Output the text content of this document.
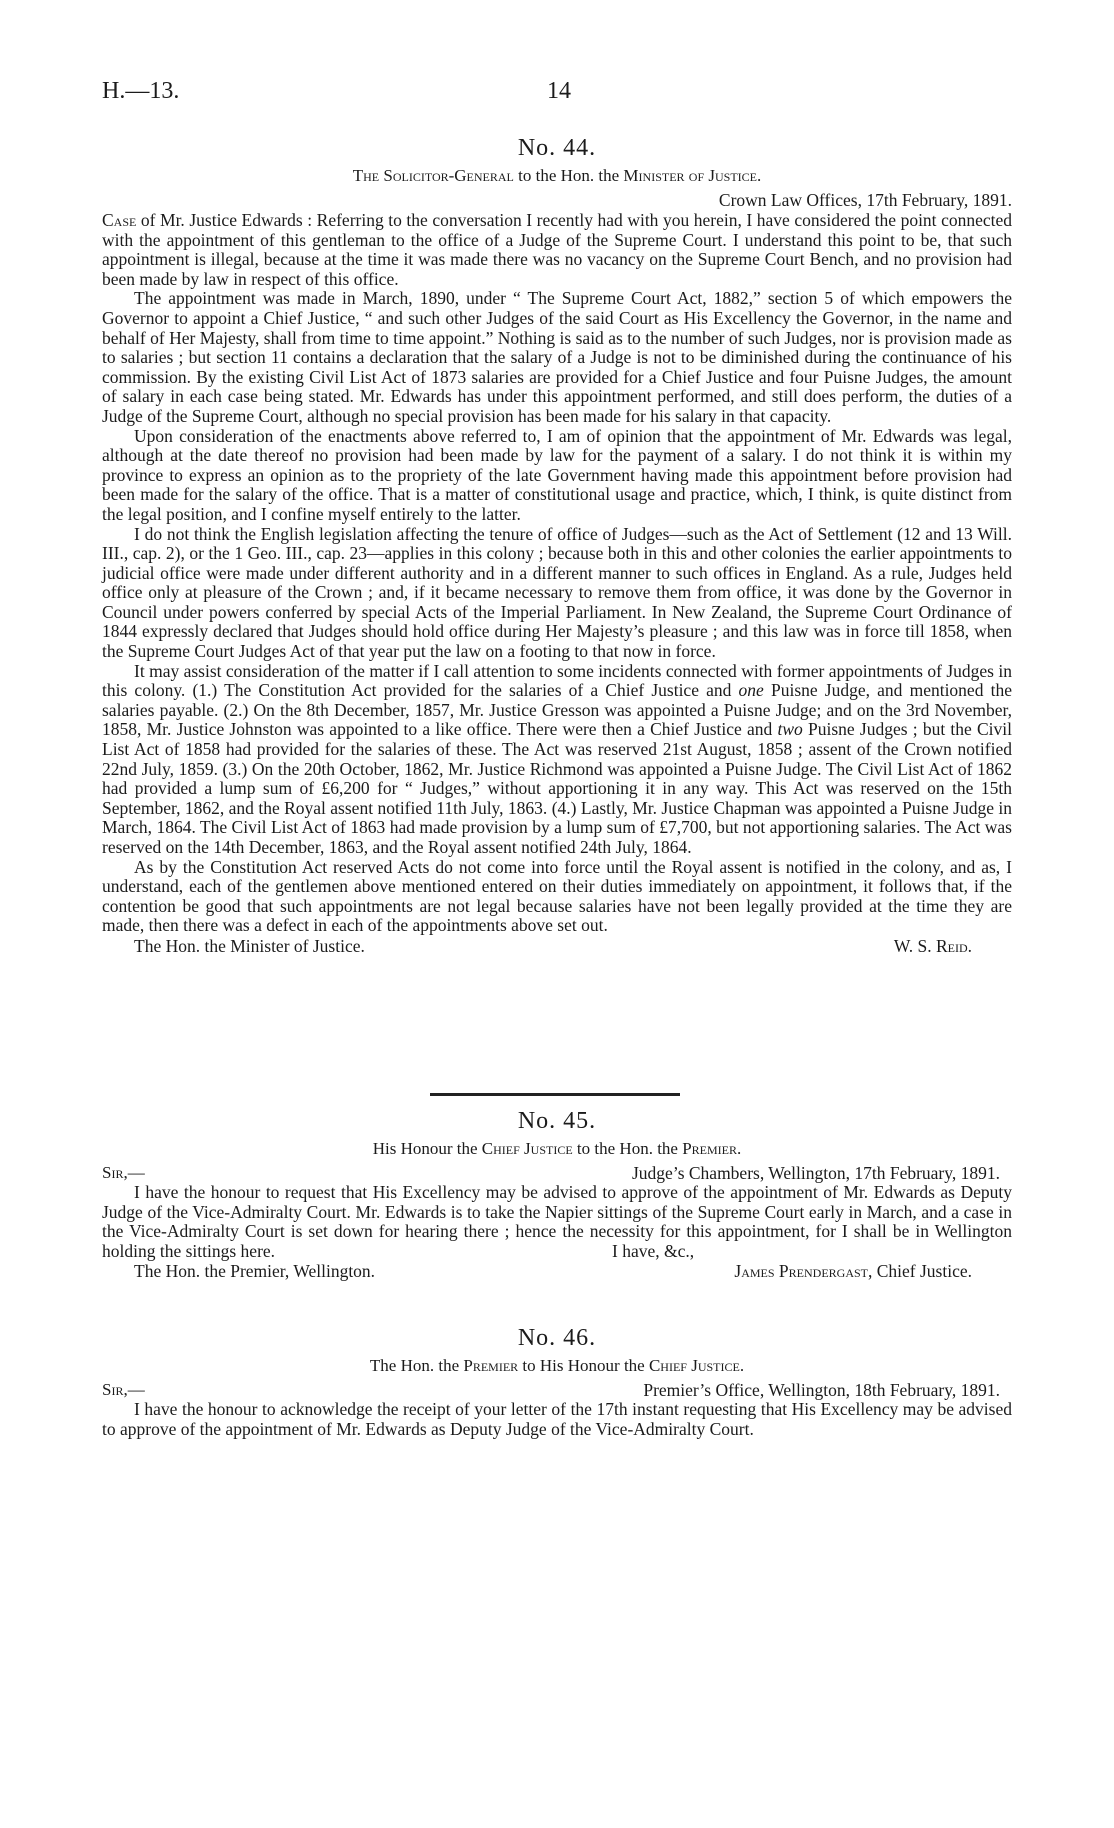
H.—13.	14
No. 44.
The Solicitor-General to the Hon. the Minister of Justice.
Crown Law Offices, 17th February, 1891.

Case of Mr. Justice Edwards : Referring to the conversation I recently had with you herein, I have considered the point connected with the appointment of this gentleman to the office of a Judge of the Supreme Court. I understand this point to be, that such appointment is illegal, because at the time it was made there was no vacancy on the Supreme Court Bench, and no provision had been made by law in respect of this office.

The appointment was made in March, 1890, under “ The Supreme Court Act, 1882,” section 5 of which empowers the Governor to appoint a Chief Justice, “ and such other Judges of the said Court as His Excellency the Governor, in the name and behalf of Her Majesty, shall from time to time appoint.” Nothing is said as to the number of such Judges, nor is provision made as to salaries ; but section 11 contains a declaration that the salary of a Judge is not to be diminished during the continuance of his commission. By the existing Civil List Act of 1873 salaries are provided for a Chief Justice and four Puisne Judges, the amount of salary in each case being stated. Mr. Edwards has under this appointment performed, and still does perform, the duties of a Judge of the Supreme Court, although no special provision has been made for his salary in that capacity.

Upon consideration of the enactments above referred to, I am of opinion that the appointment of Mr. Edwards was legal, although at the date thereof no provision had been made by law for the payment of a salary. I do not think it is within my province to express an opinion as to the propriety of the late Government having made this appointment before provision had been made for the salary of the office. That is a matter of constitutional usage and practice, which, I think, is quite distinct from the legal position, and I confine myself entirely to the latter.

I do not think the English legislation affecting the tenure of office of Judges—such as the Act of Settlement (12 and 13 Will. III., cap. 2), or the 1 Geo. III., cap. 23—applies in this colony ; because both in this and other colonies the earlier appointments to judicial office were made under different authority and in a different manner to such offices in England. As a rule, Judges held office only at pleasure of the Crown ; and, if it became necessary to remove them from office, it was done by the Governor in Council under powers conferred by special Acts of the Imperial Parliament. In New Zealand, the Supreme Court Ordinance of 1844 expressly declared that Judges should hold office during Her Majesty’s pleasure ; and this law was in force till 1858, when the Supreme Court Judges Act of that year put the law on a footing to that now in force.

It may assist consideration of the matter if I call attention to some incidents connected with former appointments of Judges in this colony. (1.) The Constitution Act provided for the salaries of a Chief Justice and one Puisne Judge, and mentioned the salaries payable. (2.) On the 8th December, 1857, Mr. Justice Gresson was appointed a Puisne Judge; and on the 3rd November, 1858, Mr. Justice Johnston was appointed to a like office. There were then a Chief Justice and two Puisne Judges ; but the Civil List Act of 1858 had provided for the salaries of these. The Act was reserved 21st August, 1858 ; assent of the Crown notified 22nd July, 1859. (3.) On the 20th October, 1862, Mr. Justice Richmond was appointed a Puisne Judge. The Civil List Act of 1862 had provided a lump sum of £6,200 for “ Judges,” without apportioning it in any way. This Act was reserved on the 15th September, 1862, and the Royal assent notified 11th July, 1863. (4.) Lastly, Mr. Justice Chapman was appointed a Puisne Judge in March, 1864. The Civil List Act of 1863 had made provision by a lump sum of £7,700, but not apportioning salaries. The Act was reserved on the 14th December, 1863, and the Royal assent notified 24th July, 1864.

As by the Constitution Act reserved Acts do not come into force until the Royal assent is notified in the colony, and as, I understand, each of the gentlemen above mentioned entered on their duties immediately on appointment, it follows that, if the contention be good that such appointments are not legal because salaries have not been legally provided at the time they are made, then there was a defect in each of the appointments above set out.

The Hon. the Minister of Justice.	W. S. Reid.
No. 45.
His Honour the Chief Justice to the Hon. the Premier.
Sir,—	Judge’s Chambers, Wellington, 17th February, 1891.

I have the honour to request that His Excellency may be advised to approve of the appointment of Mr. Edwards as Deputy Judge of the Vice-Admiralty Court. Mr. Edwards is to take the Napier sittings of the Supreme Court early in March, and a case in the Vice-Admiralty Court is set down for hearing there ; hence the necessity for this appointment, for I shall be in Wellington holding the sittings here.	I have, &c.,
The Hon. the Premier, Wellington.	James Prendergast, Chief Justice.
No. 46.
The Hon. the Premier to His Honour the Chief Justice.
Sir,—	Premier’s Office, Wellington, 18th February, 1891.

I have the honour to acknowledge the receipt of your letter of the 17th instant requesting that His Excellency may be advised to approve of the appointment of Mr. Edwards as Deputy Judge of the Vice-Admiralty Court.
